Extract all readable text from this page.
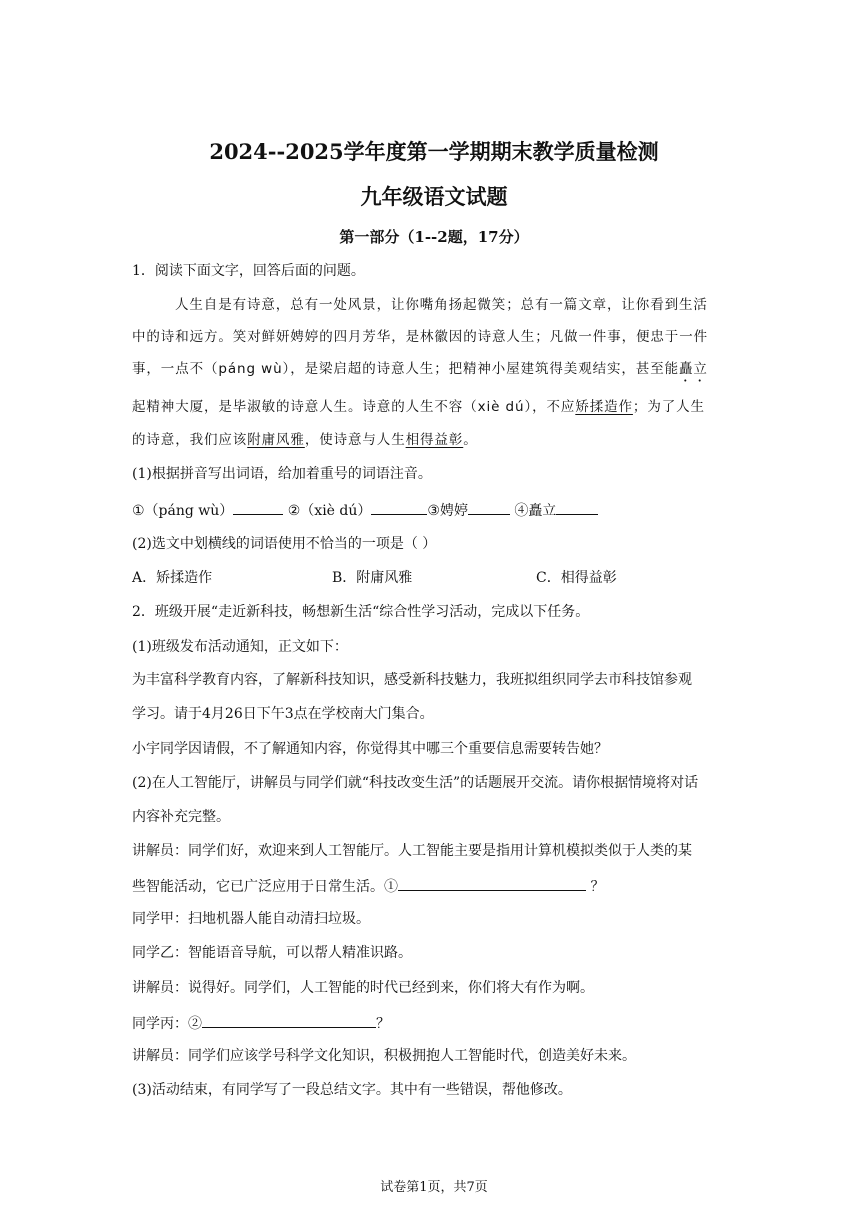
2024--2025学年度第一学期期末教学质量检测
九年级语文试题
第一部分（1--2题，17分）
1．阅读下面文字，回答后面的问题。
人生自是有诗意，总有一处风景，让你嘴角扬起微笑；总有一篇文章，让你看到生活
中的诗和远方。笑对鲜妍娉婷的四月芳华，是林徽因的诗意人生；凡做一件事，便忠于一件
事，一点不（páng wù），是梁启超的诗意人生；把精神小屋建筑得美观结实，甚至能矗立
起精神大厦，是毕淑敏的诗意人生。诗意的人生不容（xiè dú），不应矫揉造作；为了人生
的诗意，我们应该附庸风雅，使诗意与人生相得益彰。
(1)根据拼音写出词语，给加着重号的词语注音。
①（páng wù）	②（xiè dú）	③娉婷	④矗立
(2)选文中划横线的词语使用不恰当的一项是（ ）
A．矫揉造作	B．附庸风雅	C．相得益彰
2．班级开展“走近新科技，畅想新生活“综合性学习活动，完成以下任务。
(1)班级发布活动通知，正文如下：
为丰富科学教育内容，了解新科技知识，感受新科技魅力，我班拟组织同学去市科技馆参观
学习。请于4月26日下午3点在学校南大门集合。
小宇同学因请假，不了解通知内容，你觉得其中哪三个重要信息需要转告她？
(2)在人工智能厅，讲解员与同学们就“科技改变生活”的话题展开交流。请你根据情境将对话
内容补充完整。
讲解员：同学们好，欢迎来到人工智能厅。人工智能主要是指用计算机模拟类似于人类的某
些智能活动，它已广泛应用于日常生活。①	？
同学甲：扫地机器人能自动清扫垃圾。
同学乙：智能语音导航，可以帮人精准识路。
讲解员：说得好。同学们，人工智能的时代已经到来，你们将大有作为啊。
同学丙：②	？
讲解员：同学们应该学号科学文化知识，积极拥抱人工智能时代，创造美好未来。
(3)活动结束，有同学写了一段总结文字。其中有一些错误，帮他修改。
试卷第1页，共7页
